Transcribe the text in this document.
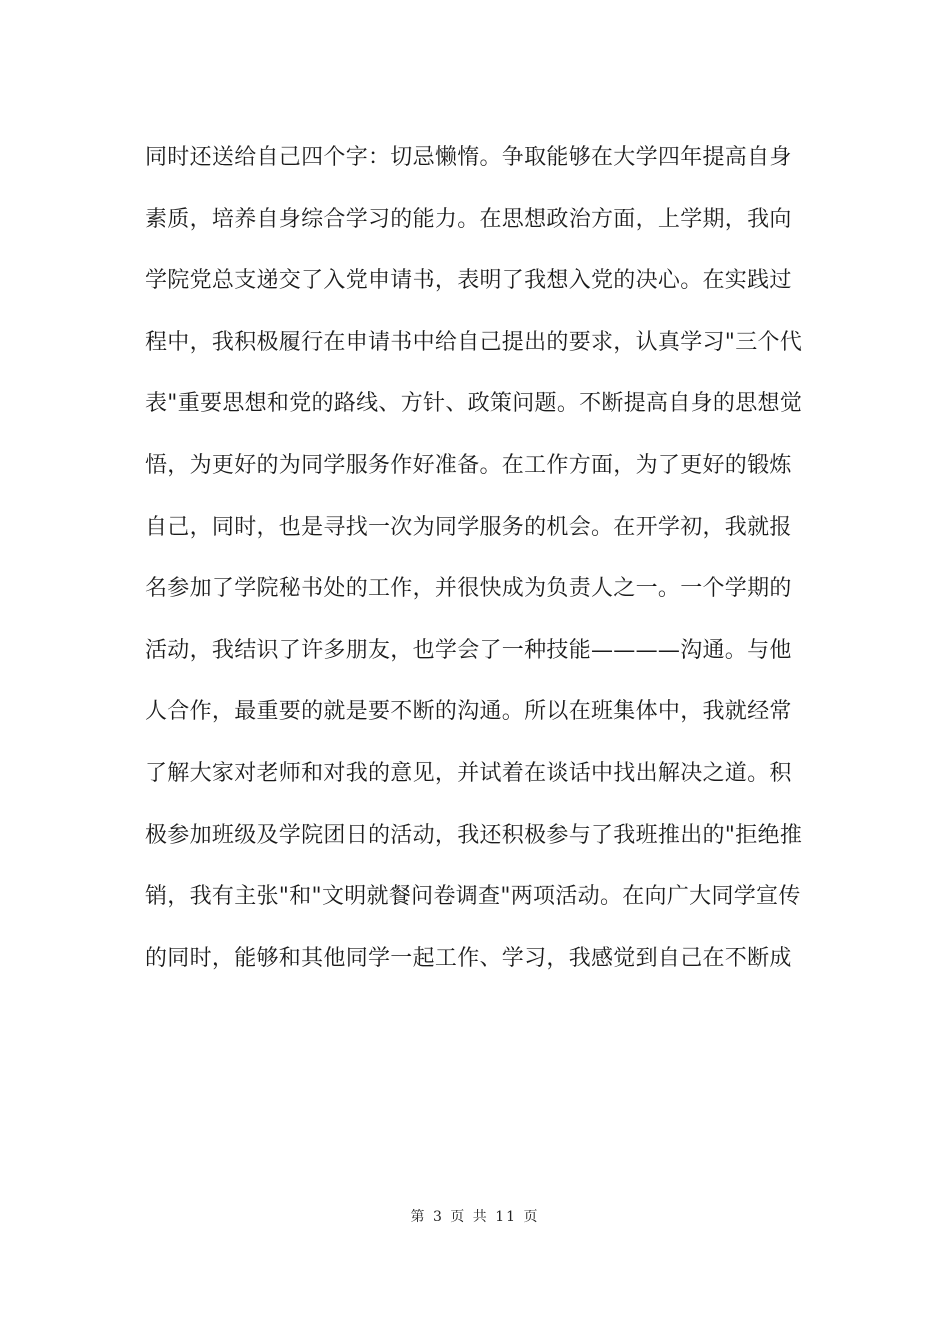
同时还送给自己四个字：切忌懒惰。争取能够在大学四年提高自身
素质，培养自身综合学习的能力。在思想政治方面，上学期，我向
学院党总支递交了入党申请书，表明了我想入党的决心。在实践过
程中，我积极履行在申请书中给自己提出的要求，认真学习"三个代
表"重要思想和党的路线、方针、政策问题。不断提高自身的思想觉
悟，为更好的为同学服务作好准备。在工作方面，为了更好的锻炼
自己，同时，也是寻找一次为同学服务的机会。在开学初，我就报
名参加了学院秘书处的工作，并很快成为负责人之一。一个学期的
活动，我结识了许多朋友，也学会了一种技能————沟通。与他
人合作，最重要的就是要不断的沟通。所以在班集体中，我就经常
了解大家对老师和对我的意见，并试着在谈话中找出解决之道。积
极参加班级及学院团日的活动，我还积极参与了我班推出的"拒绝推
销，我有主张"和"文明就餐问卷调查"两项活动。在向广大同学宣传
的同时，能够和其他同学一起工作、学习，我感觉到自己在不断成
第 3 页 共 11 页
